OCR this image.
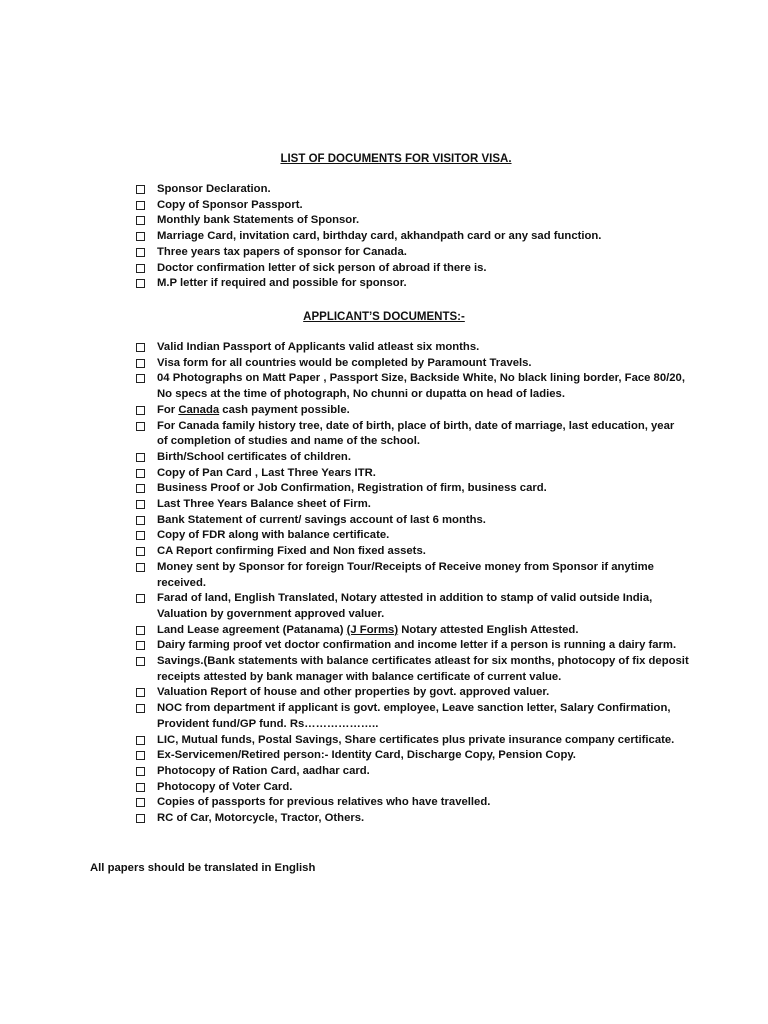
LIST OF DOCUMENTS FOR VISITOR VISA.
Sponsor Declaration.
Copy of Sponsor Passport.
Monthly bank Statements of Sponsor.
Marriage Card, invitation card, birthday card, akhandpath card or any sad function.
Three years tax papers of sponsor for Canada.
Doctor confirmation letter of sick person of abroad if there is.
M.P letter if required and possible for sponsor.
APPLICANT’S DOCUMENTS:-
Valid Indian Passport of Applicants valid atleast six months.
Visa form for all countries would be completed by Paramount Travels.
04 Photographs on Matt Paper , Passport Size, Backside White, No black lining border, Face 80/20,
No specs at the time of photograph, No chunni or dupatta on head of ladies.
For Canada cash payment possible.
For Canada family history tree, date of birth, place of birth, date of marriage, last education, year
of completion of studies and name of the school.
Birth/School certificates of children.
Copy of Pan Card , Last Three Years ITR.
Business Proof or Job Confirmation, Registration of firm, business card.
Last Three Years Balance sheet of Firm.
Bank Statement of current/ savings account of last 6 months.
Copy of FDR along with balance certificate.
CA Report confirming Fixed and Non fixed assets.
Money sent by Sponsor for foreign Tour/Receipts of Receive money from Sponsor if anytime
received.
Farad of land, English Translated, Notary attested in addition to stamp of valid outside India,
Valuation by government approved valuer.
Land Lease agreement (Patanama) (J Forms) Notary attested English Attested.
Dairy farming proof vet doctor confirmation and income letter if a person is running a dairy farm.
Savings.(Bank statements with balance certificates atleast for six months, photocopy of fix deposit
receipts attested by bank manager with balance certificate of current value.
Valuation Report of house and other properties by govt. approved valuer.
NOC from department if applicant is govt. employee, Leave sanction letter, Salary Confirmation,
Provident fund/GP fund. Rs………………..
LIC, Mutual funds, Postal Savings, Share certificates plus private insurance company certificate.
Ex-Servicemen/Retired person:- Identity Card, Discharge Copy, Pension Copy.
Photocopy of Ration Card, aadhar card.
Photocopy of Voter Card.
Copies of passports for previous relatives who have travelled.
RC of Car, Motorcycle, Tractor, Others.
All papers should be translated in English
